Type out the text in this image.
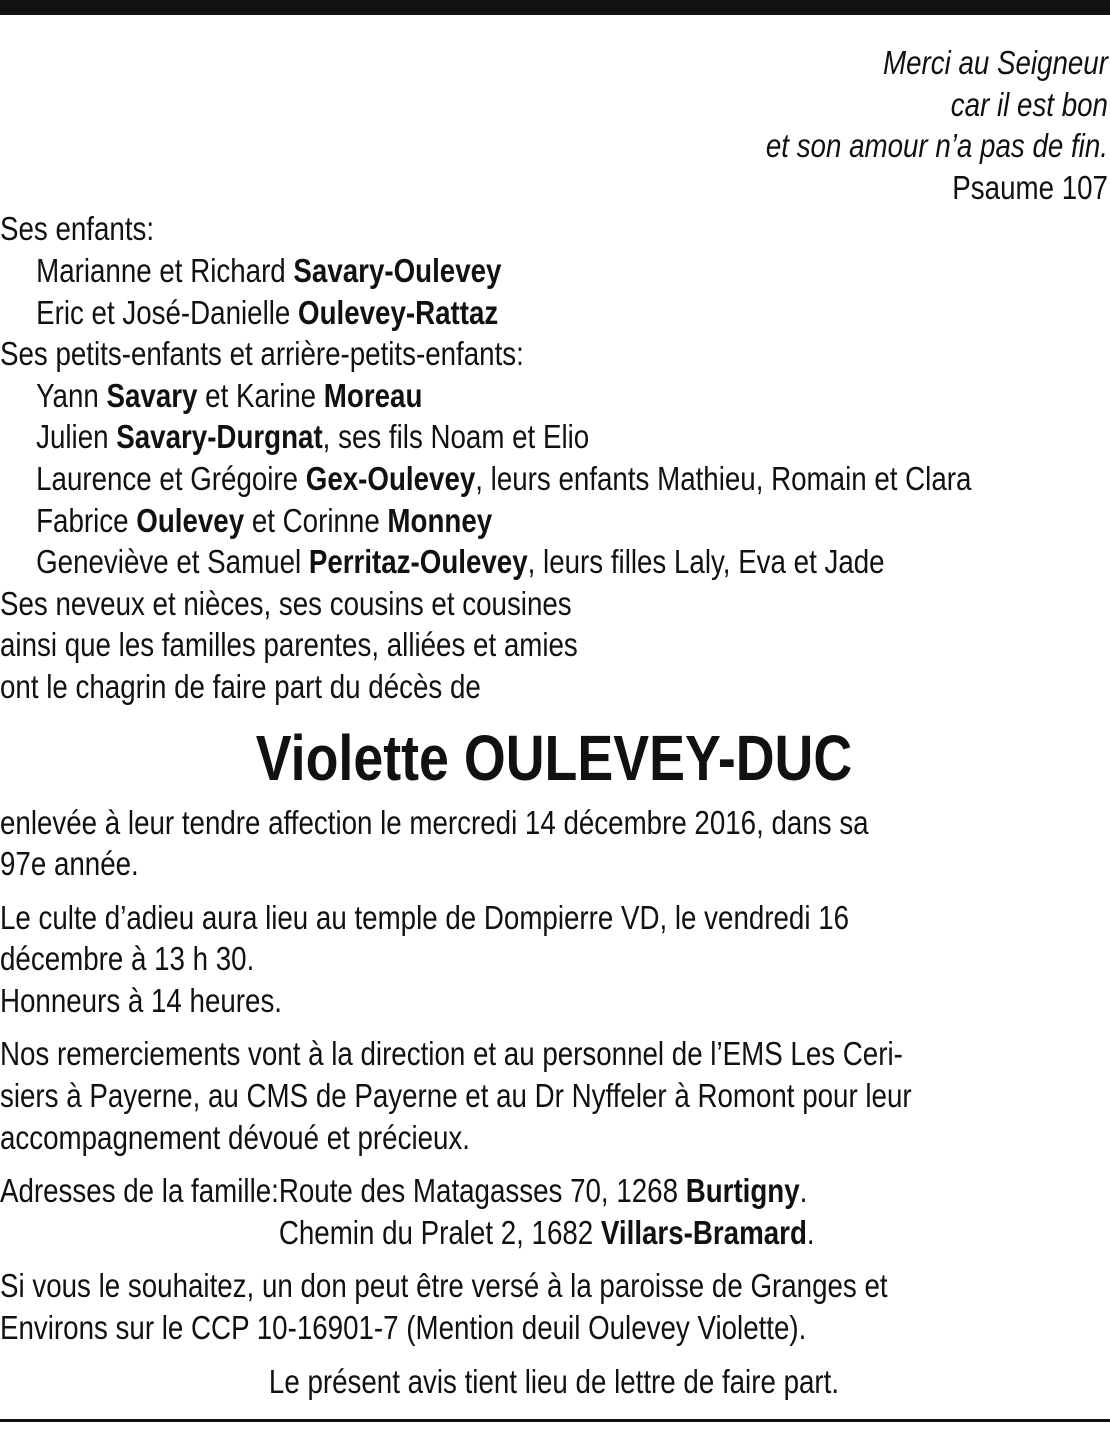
Merci au Seigneur
car il est bon
et son amour n’a pas de fin.
Psaume 107
Ses enfants:
Marianne et Richard Savary-Oulevey
Eric et José-Danielle Oulevey-Rattaz
Ses petits-enfants et arrière-petits-enfants:
Yann Savary et Karine Moreau
Julien Savary-Durgnat, ses fils Noam et Elio
Laurence et Grégoire Gex-Oulevey, leurs enfants Mathieu, Romain et Clara
Fabrice Oulevey et Corinne Monney
Geneviève et Samuel Perritaz-Oulevey, leurs filles Laly, Eva et Jade
Ses neveux et nièces, ses cousins et cousines
ainsi que les familles parentes, alliées et amies
ont le chagrin de faire part du décès de
Violette OULEVEY-DUC
enlevée à leur tendre affection le mercredi 14 décembre 2016, dans sa
97e année.
Le culte d’adieu aura lieu au temple de Dompierre VD, le vendredi 16
décembre à 13 h 30.
Honneurs à 14 heures.
Nos remerciements vont à la direction et au personnel de l’EMS Les Ceri-
siers à Payerne, au CMS de Payerne et au Dr Nyffeler à Romont pour leur
accompagnement dévoué et précieux.
Adresses de la famille: Route des Matagasses 70, 1268 Burtigny.
Chemin du Pralet 2, 1682 Villars-Bramard.
Si vous le souhaitez, un don peut être versé à la paroisse de Granges et
Environs sur le CCP 10-16901-7 (Mention deuil Oulevey Violette).
Le présent avis tient lieu de lettre de faire part.
